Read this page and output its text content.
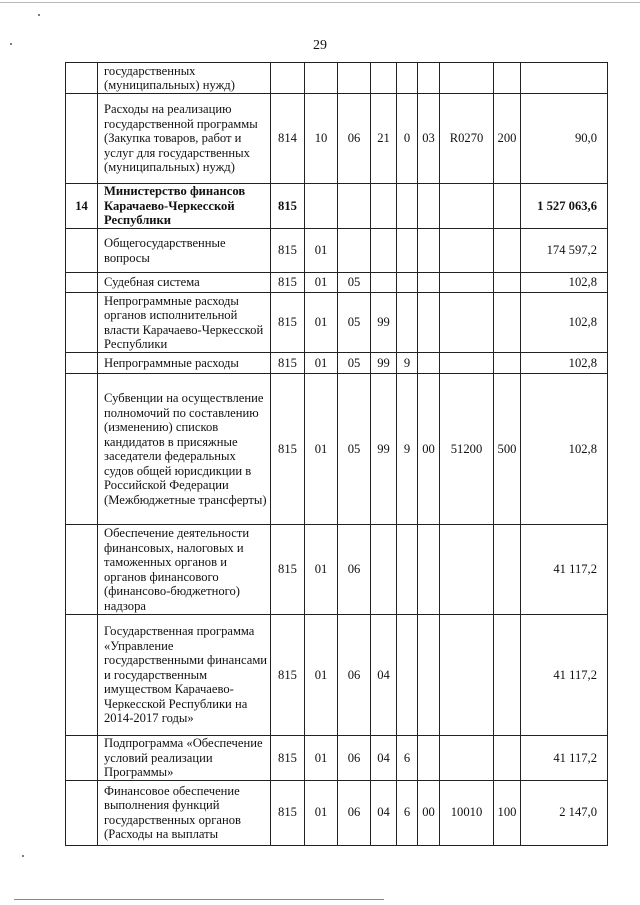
29
	государственных (муниципальных) нужд)									
	Расходы на реализацию государственной программы (Закупка товаров, работ и услуг для государственных (муниципальных) нужд)	814	10	06	21	0	03	R0270	200	90,0
14	Министерство финансов Карачаево-Черкесской Республики	815								1 527 063,6
	Общегосударственные вопросы	815	01							174 597,2
	Судебная система	815	01	05						102,8
	Непрограммные расходы органов исполнительной власти Карачаево-Черкесской Республики	815	01	05	99					102,8
	Непрограммные расходы	815	01	05	99	9				102,8
	Субвенции на осуществление полномочий по составлению (изменению) списков кандидатов в присяжные заседатели федеральных судов общей юрисдикции в Российской Федерации (Межбюджетные трансферты)	815	01	05	99	9	00	51200	500	102,8
	Обеспечение деятельности финансовых, налоговых и таможенных органов и органов финансового (финансово-бюджетного) надзора	815	01	06						41 117,2
	Государственная программа «Управление государственными финансами и государственным имуществом Карачаево-Черкесской Республики на 2014-2017 годы»	815	01	06	04					41 117,2
	Подпрограмма «Обеспечение условий реализации Программы»	815	01	06	04	6				41 117,2
	Финансовое обеспечение выполнения функций государственных органов (Расходы на выплаты	815	01	06	04	6	00	10010	100	2 147,0
